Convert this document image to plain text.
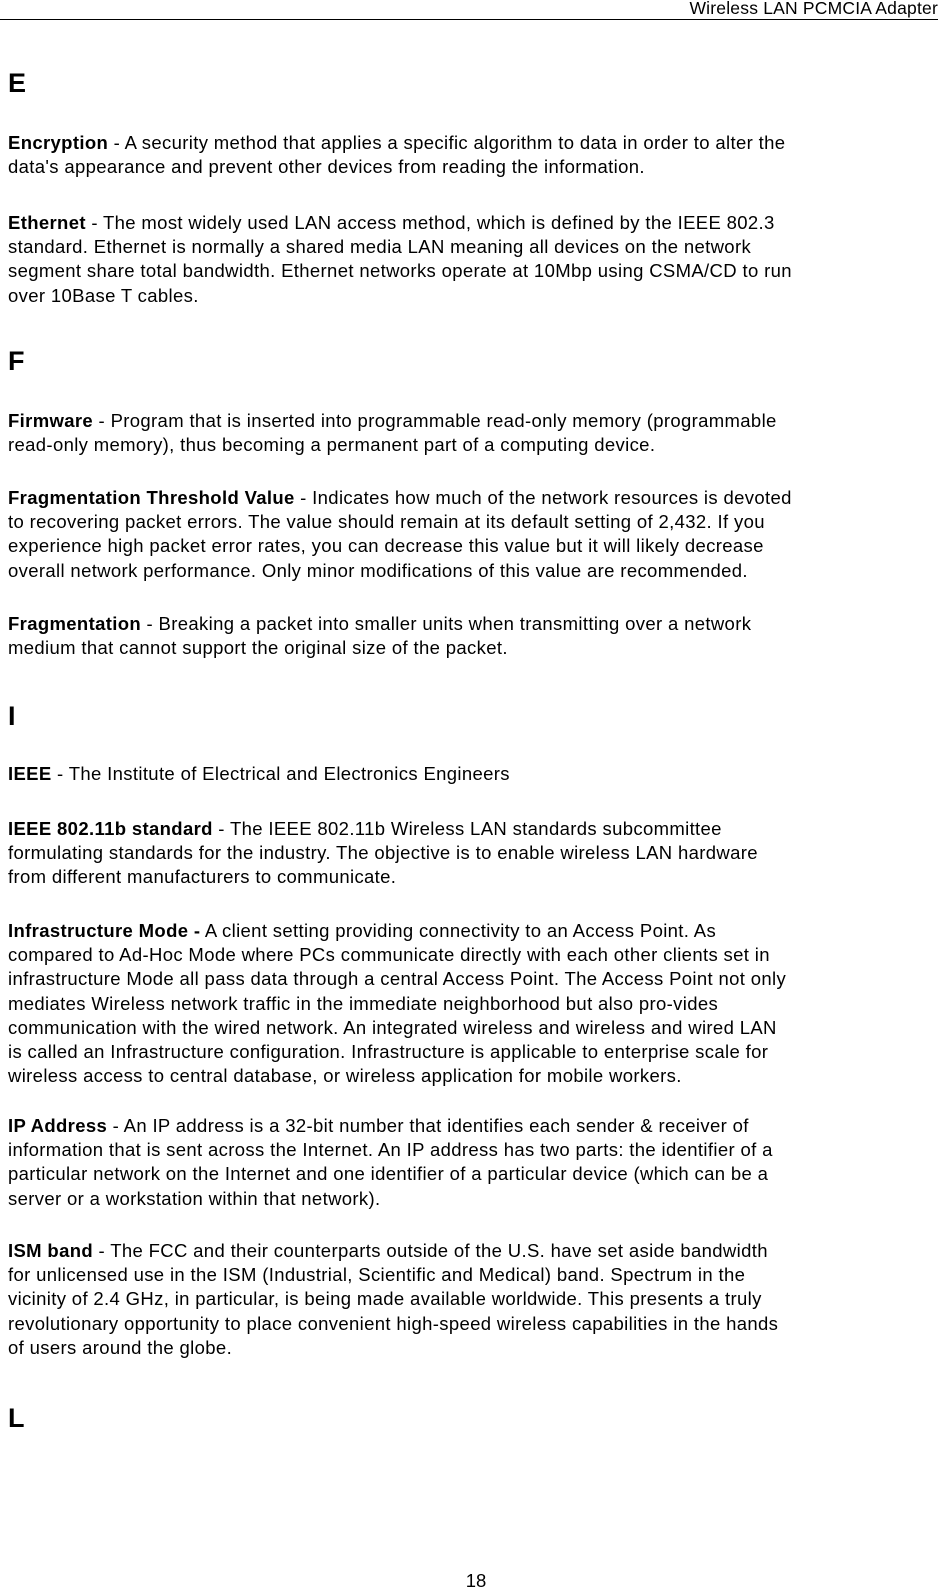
Wireless LAN PCMCIA Adapter
E
Encryption - A security method that applies a specific algorithm to data in order to alter the
data's appearance and prevent other devices from reading the information.
Ethernet - The most widely used LAN access method, which is defined by the IEEE 802.3
standard. Ethernet is normally a shared media LAN meaning all devices on the network
segment share total bandwidth. Ethernet networks operate at 10Mbp using CSMA/CD to run
over 10Base T cables.
F
Firmware - Program that is inserted into programmable read-only memory (programmable
read-only memory), thus becoming a permanent part of a computing device.
Fragmentation Threshold Value - Indicates how much of the network resources is devoted
to recovering packet errors. The value should remain at its default setting of 2,432. If you
experience high packet error rates, you can decrease this value but it will likely decrease
overall network performance. Only minor modifications of this value are recommended.
Fragmentation - Breaking a packet into smaller units when transmitting over a network
medium that cannot support the original size of the packet.
I
IEEE - The Institute of Electrical and Electronics Engineers
IEEE 802.11b standard - The IEEE 802.11b Wireless LAN standards subcommittee
formulating standards for the industry. The objective is to enable wireless LAN hardware
from different manufacturers to communicate.
Infrastructure Mode - A client setting providing connectivity to an Access Point. As
compared to Ad-Hoc Mode where PCs communicate directly with each other clients set in
infrastructure Mode all pass data through a central Access Point. The Access Point not only
mediates Wireless network traffic in the immediate neighborhood but also pro-vides
communication with the wired network. An integrated wireless and wireless and wired LAN
is called an Infrastructure configuration. Infrastructure is applicable to enterprise scale for
wireless access to central database, or wireless application for mobile workers.
IP Address - An IP address is a 32-bit number that identifies each sender & receiver of
information that is sent across the Internet. An IP address has two parts: the identifier of a
particular network on the Internet and one identifier of a particular device (which can be a
server or a workstation within that network).
ISM band - The FCC and their counterparts outside of the U.S. have set aside bandwidth
for unlicensed use in the ISM (Industrial, Scientific and Medical) band. Spectrum in the
vicinity of 2.4 GHz, in particular, is being made available worldwide. This presents a truly
revolutionary opportunity to place convenient high-speed wireless capabilities in the hands
of users around the globe.
L
18
